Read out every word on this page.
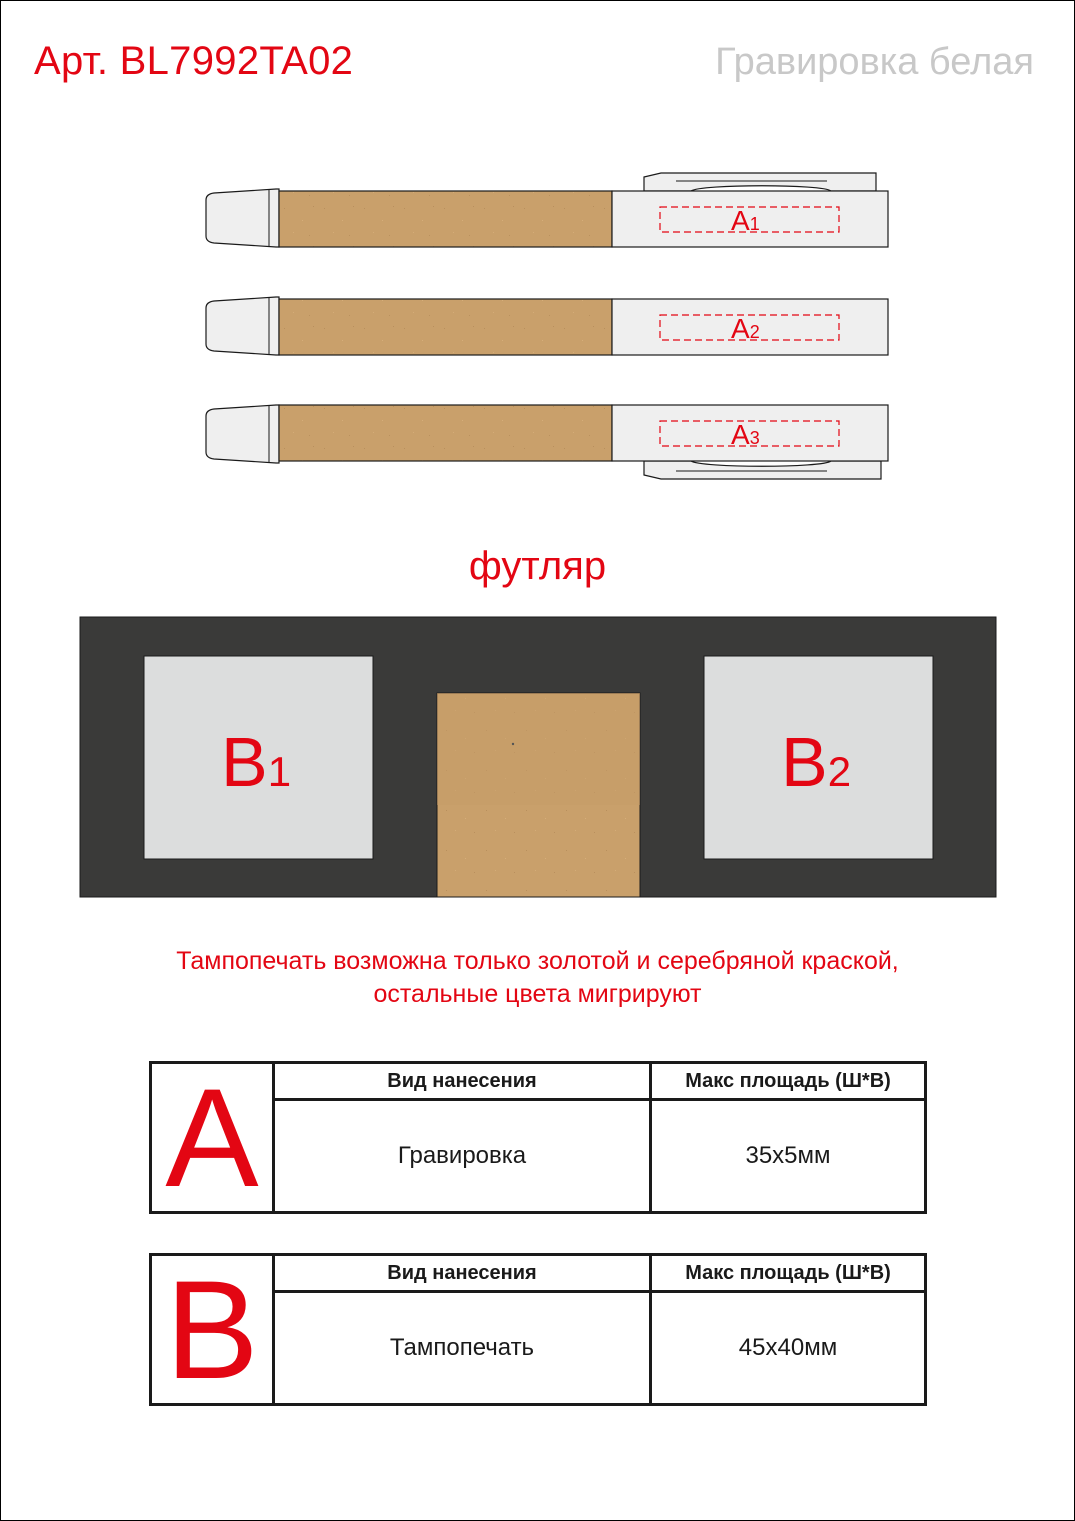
Арт. BL7992TA02	Гравировка белая
A1
A2
A3
футляр
B1	B2
Тампопечать возможна только золотой и серебряной краской,
остальные цвета мигрируют
A	Вид нанесения	Макс площадь (Ш*В)
	Гравировка	35x5мм
B	Вид нанесения	Макс площадь (Ш*В)
	Тампопечать	45x40мм
